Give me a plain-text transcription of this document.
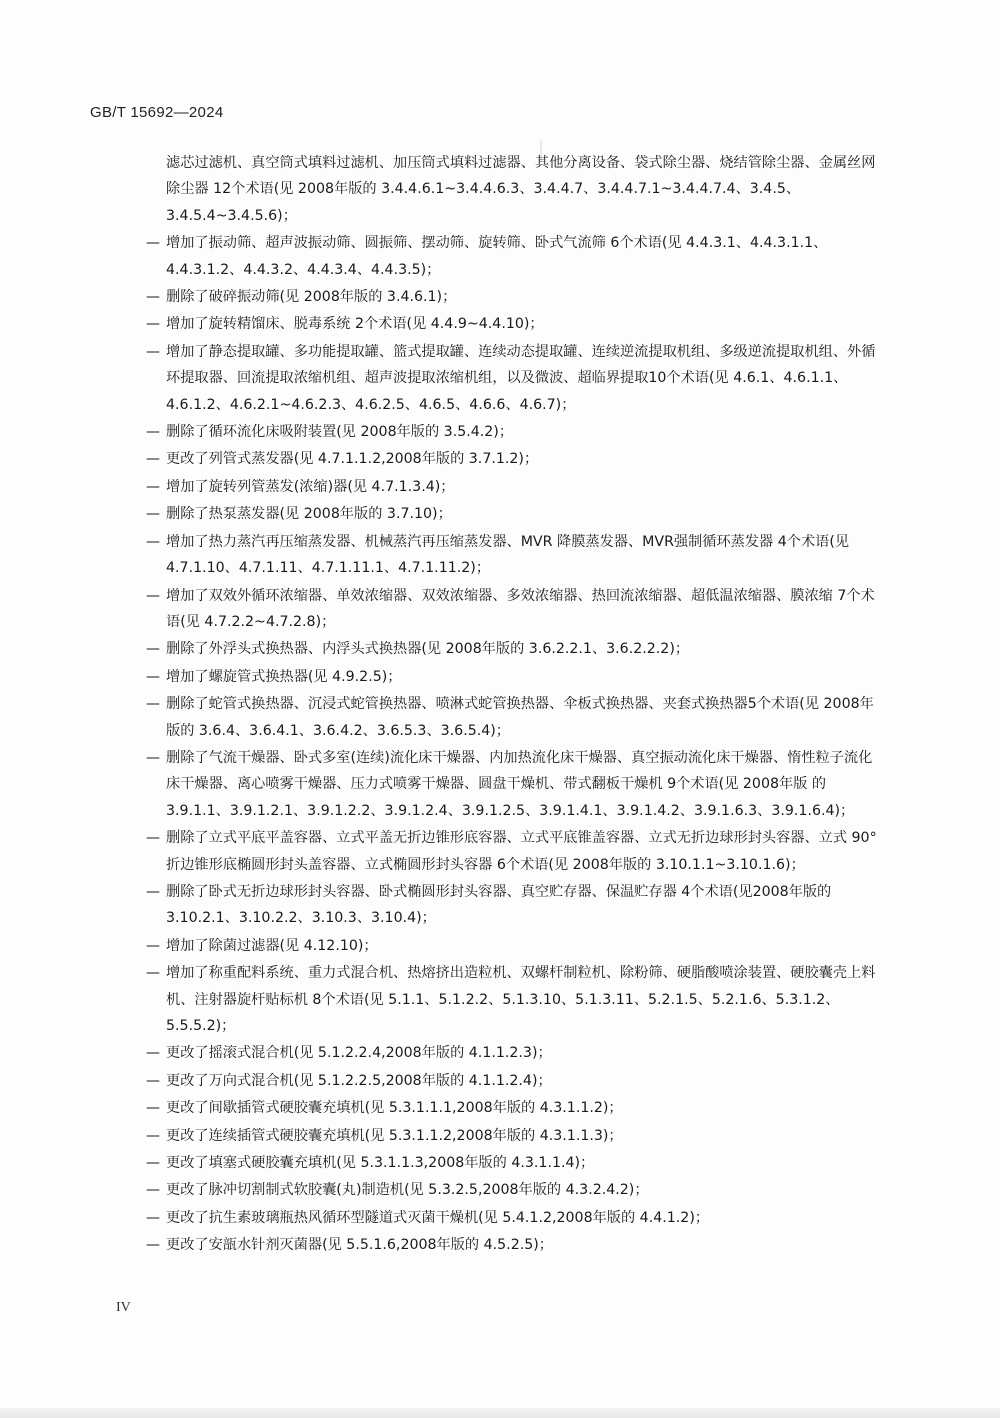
GB/T 15692—2024
滤芯过滤机、真空筒式填料过滤机、加压筒式填料过滤器、其他分离设备、袋式除尘器、烧结管除尘器、金属丝网除尘器 12个术语(见 2008年版的 3.4.4.6.1~3.4.4.6.3、3.4.4.7、3.4.4.7.1~3.4.4.7.4、3.4.5、3.4.5.4~3.4.5.6)；
— 增加了振动筛、超声波振动筛、圆振筛、摆动筛、旋转筛、卧式气流筛 6个术语(见 4.4.3.1、4.4.3.1.1、4.4.3.1.2、4.4.3.2、4.4.3.4、4.4.3.5)；
— 删除了破碎振动筛(见 2008年版的 3.4.6.1)；
— 增加了旋转精馏床、脱毒系统 2个术语(见 4.4.9~4.4.10)；
— 增加了静态提取罐、多功能提取罐、篮式提取罐、连续动态提取罐、连续逆流提取机组、多级逆流提取机组、外循环提取器、回流提取浓缩机组、超声波提取浓缩机组，以及微波、超临界提取10个术语(见 4.6.1、4.6.1.1、4.6.1.2、4.6.2.1~4.6.2.3、4.6.2.5、4.6.5、4.6.6、4.6.7)；
— 删除了循环流化床吸附装置(见 2008年版的 3.5.4.2)；
— 更改了列管式蒸发器(见 4.7.1.1.2,2008年版的 3.7.1.2)；
— 增加了旋转列管蒸发(浓缩)器(见 4.7.1.3.4)；
— 删除了热泵蒸发器(见 2008年版的 3.7.10)；
— 增加了热力蒸汽再压缩蒸发器、机械蒸汽再压缩蒸发器、MVR 降膜蒸发器、MVR强制循环蒸发器 4个术语(见 4.7.1.10、4.7.1.11、4.7.1.11.1、4.7.1.11.2)；
— 增加了双效外循环浓缩器、单效浓缩器、双效浓缩器、多效浓缩器、热回流浓缩器、超低温浓缩器、膜浓缩 7个术语(见 4.7.2.2~4.7.2.8)；
— 删除了外浮头式换热器、内浮头式换热器(见 2008年版的 3.6.2.2.1、3.6.2.2.2)；
— 增加了螺旋管式换热器(见 4.9.2.5)；
— 删除了蛇管式换热器、沉浸式蛇管换热器、喷淋式蛇管换热器、伞板式换热器、夹套式换热器5个术语(见 2008年版的 3.6.4、3.6.4.1、3.6.4.2、3.6.5.3、3.6.5.4)；
— 删除了气流干燥器、卧式多室(连续)流化床干燥器、内加热流化床干燥器、真空振动流化床干燥器、惰性粒子流化床干燥器、离心喷雾干燥器、压力式喷雾干燥器、圆盘干燥机、带式翻板干燥机 9个术语(见 2008年版 的 3.9.1.1、3.9.1.2.1、3.9.1.2.2、3.9.1.2.4、3.9.1.2.5、3.9.1.4.1、3.9.1.4.2、3.9.1.6.3、3.9.1.6.4)；
— 删除了立式平底平盖容器、立式平盖无折边锥形底容器、立式平底锥盖容器、立式无折边球形封头容器、立式 90°折边锥形底椭圆形封头盖容器、立式椭圆形封头容器 6个术语(见 2008年版的 3.10.1.1~3.10.1.6)；
— 删除了卧式无折边球形封头容器、卧式椭圆形封头容器、真空贮存器、保温贮存器 4个术语(见2008年版的 3.10.2.1、3.10.2.2、3.10.3、3.10.4)；
— 增加了除菌过滤器(见 4.12.10)；
— 增加了称重配料系统、重力式混合机、热熔挤出造粒机、双螺杆制粒机、除粉筛、硬脂酸喷涂装置、硬胶囊壳上料机、注射器旋杆贴标机 8个术语(见 5.1.1、5.1.2.2、5.1.3.10、5.1.3.11、5.2.1.5、5.2.1.6、5.3.1.2、5.5.5.2)；
— 更改了摇滚式混合机(见 5.1.2.2.4,2008年版的 4.1.1.2.3)；
— 更改了万向式混合机(见 5.1.2.2.5,2008年版的 4.1.1.2.4)；
— 更改了间歇插管式硬胶囊充填机(见 5.3.1.1.1,2008年版的 4.3.1.1.2)；
— 更改了连续插管式硬胶囊充填机(见 5.3.1.1.2,2008年版的 4.3.1.1.3)；
— 更改了填塞式硬胶囊充填机(见 5.3.1.1.3,2008年版的 4.3.1.1.4)；
— 更改了脉冲切割制式软胶囊(丸)制造机(见 5.3.2.5,2008年版的 4.3.2.4.2)；
— 更改了抗生素玻璃瓶热风循环型隧道式灭菌干燥机(见 5.4.1.2,2008年版的 4.4.1.2)；
— 更改了安瓿水针剂灭菌器(见 5.5.1.6,2008年版的 4.5.2.5)；
IV
